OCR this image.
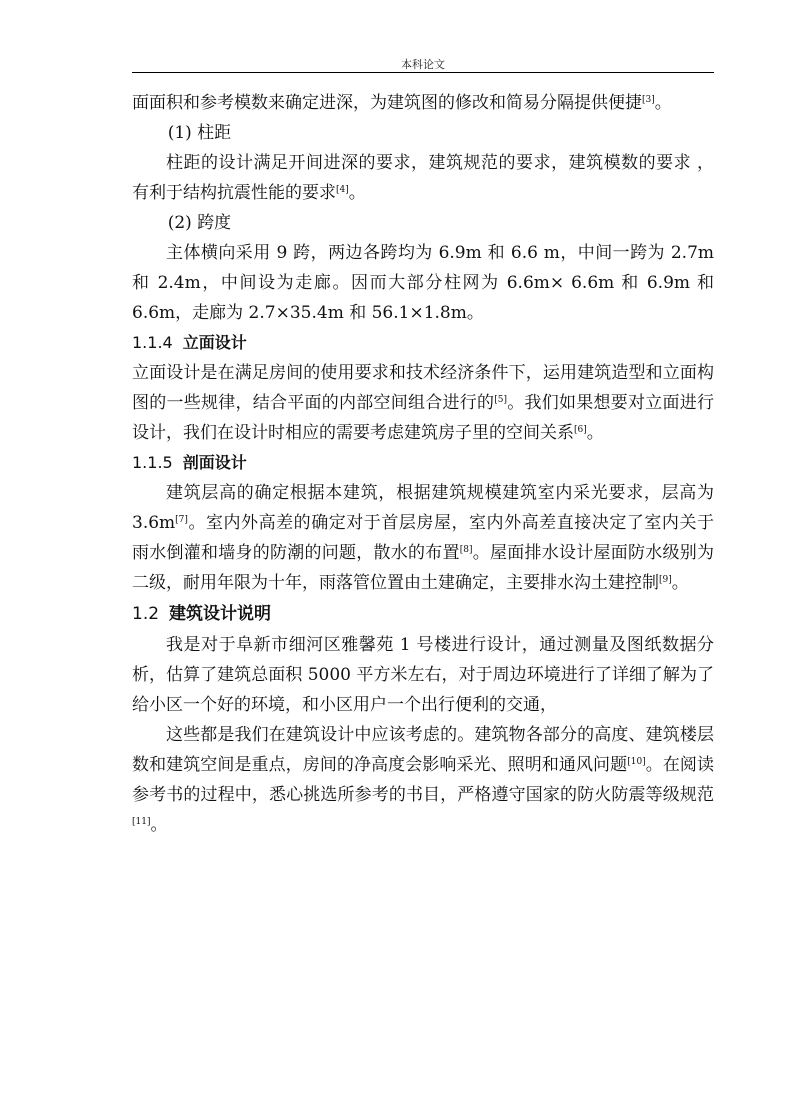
本科论文

面面积和参考模数来确定进深，为建筑图的修改和简易分隔提供便捷[3]。

(1) 柱距

柱距的设计满足开间进深的要求，建筑规范的要求，建筑模数的要求 ，有利于结构抗震性能的要求[4]。

(2) 跨度

主体横向采用 9 跨，两边各跨均为 6.9m 和 6.6 m，中间一跨为 2.7m 和 2.4m，中间设为走廊。因而大部分柱网为 6.6m× 6.6m 和 6.9m 和 6.6m，走廊为 2.7×35.4m 和 56.1×1.8m。

1.1.4 立面设计

立面设计是在满足房间的使用要求和技术经济条件下，运用建筑造型和立面构图的一些规律，结合平面的内部空间组合进行的[5]。我们如果想要对立面进行设计，我们在设计时相应的需要考虑建筑房子里的空间关系[6]。

1.1.5 剖面设计

建筑层高的确定根据本建筑，根据建筑规模建筑室内采光要求，层高为 3.6m[7]。室内外高差的确定对于首层房屋，室内外高差直接决定了室内关于雨水倒灌和墙身的防潮的问题，散水的布置[8]。屋面排水设计屋面防水级别为二级，耐用年限为十年，雨落管位置由土建确定，主要排水沟土建控制[9]。

1.2 建筑设计说明

我是对于阜新市细河区雅馨苑 1 号楼进行设计，通过测量及图纸数据分析，估算了建筑总面积 5000 平方米左右，对于周边环境进行了详细了解为了给小区一个好的环境，和小区用户一个出行便利的交通，

这些都是我们在建筑设计中应该考虑的。建筑物各部分的高度、建筑楼层数和建筑空间是重点，房间的净高度会影响采光、照明和通风问题[10]。在阅读参考书的过程中，悉心挑选所参考的书目，严格遵守国家的防火防震等级规范[11]。
